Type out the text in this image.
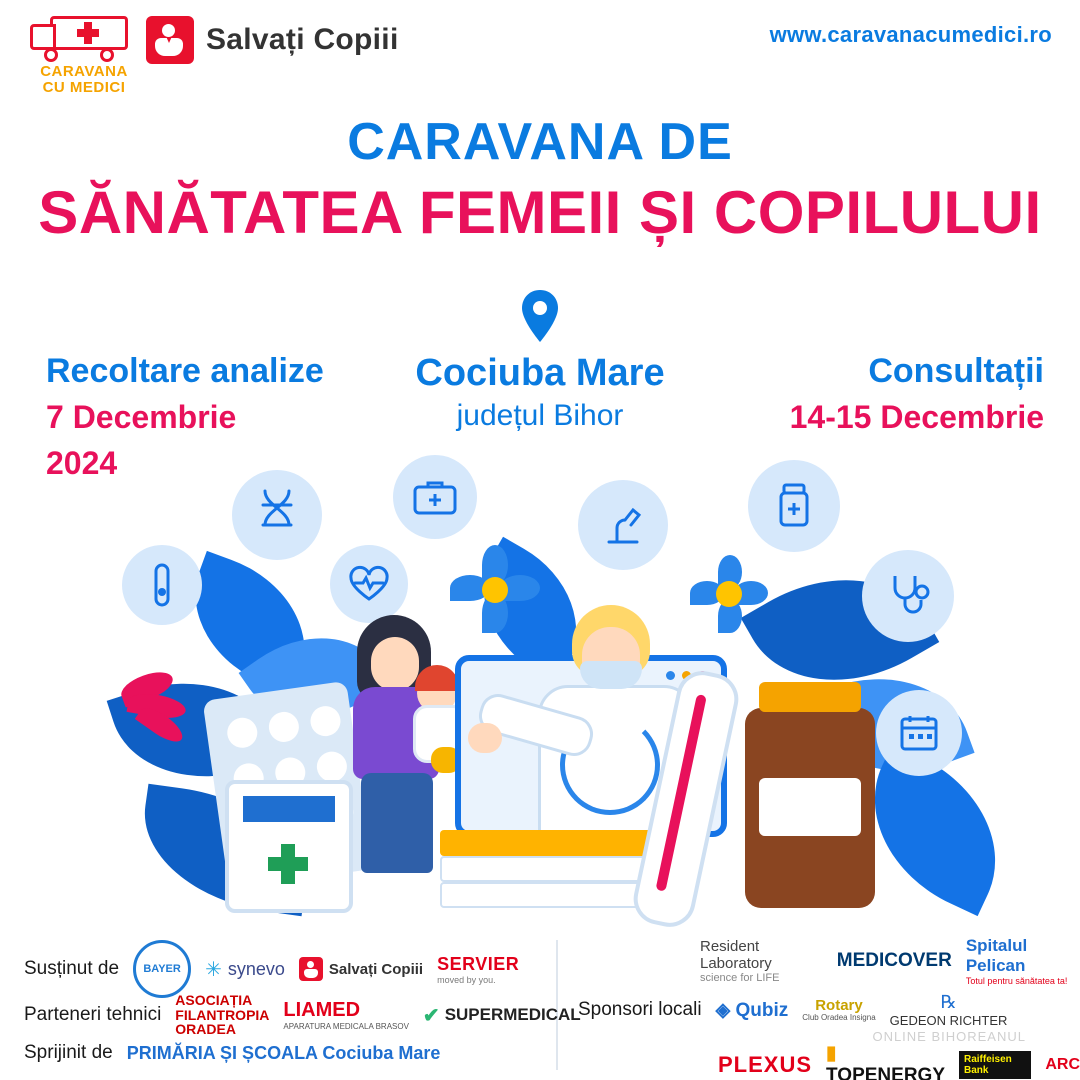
CARAVANA
CU MEDICI
Salvați Copiii	www.caravanacumedici.ro
CARAVANA DE
SĂNĂTATEA FEMEII ȘI COPILULUI
Recoltare analize
7 Decembrie
2024
Cociuba Mare
județul Bihor
Consultații
14-15 Decembrie
Susținut de	BAYER	✳ synevo	Salvați Copiii SERVIER
moved by you.
Parteneri tehnici
ASOCIAȚIA
FILANTROPIA
ORADEA
LIAMED
APARATURA MEDICALA BRASOV ✔ SUPERMEDICAL
Sprijinit de PRIMĂRIA ȘI ȘCOALA Cociuba Mare
Resident Laboratory
science for LIFE
MEDICOVER
Spitalul Pelican
Totul pentru sănătatea ta!
Sponsori locali ◈ Qubiz	Rotary
Club Oradea Insigna
℞
GEDEON RICHTER
PLEXUS ▮ TOPENERGY
Raiffeisen Bank	ARC
ONLINE BIHOREANUL
